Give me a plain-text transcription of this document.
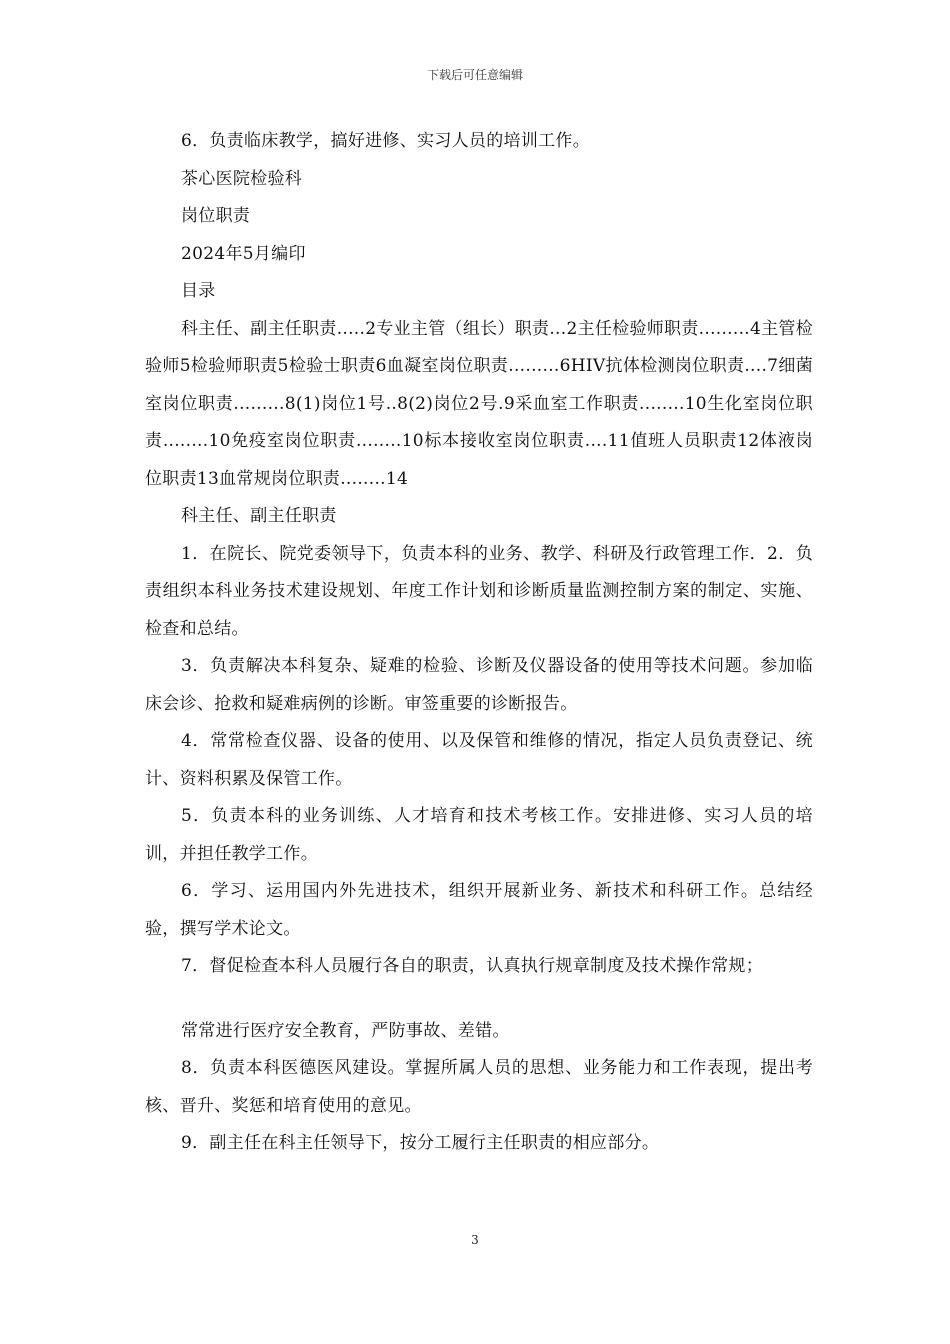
下载后可任意编辑

6．负责临床教学，搞好进修、实习人员的培训工作。

茶心医院检验科

岗位职责

2024年5月编印

目录

科主任、副主任职责.....2专业主管（组长）职责...2主任检验师职责.........4主管检验师5检验师职责5检验士职责6血凝室岗位职责.........6HIV抗体检测岗位职责....7细菌室岗位职责.........8(1)岗位1号..8(2)岗位2号.9采血室工作职责........10生化室岗位职责........10免疫室岗位职责........10标本接收室岗位职责....11值班人员职责12体液岗位职责13血常规岗位职责........14

科主任、副主任职责

1．在院长、院党委领导下，负责本科的业务、教学、科研及行政管理工作．2．负责组织本科业务技术建设规划、年度工作计划和诊断质量监测控制方案的制定、实施、检查和总结。

3．负责解决本科复杂、疑难的检验、诊断及仪器设备的使用等技术问题。参加临床会诊、抢救和疑难病例的诊断。审签重要的诊断报告。

4．常常检查仪器、设备的使用、以及保管和维修的情况，指定人员负责登记、统计、资料积累及保管工作。

5．负责本科的业务训练、人才培育和技术考核工作。安排进修、实习人员的培训，并担任教学工作。

6．学习、运用国内外先进技术，组织开展新业务、新技术和科研工作。总结经验，撰写学术论文。

7．督促检查本科人员履行各自的职责，认真执行规章制度及技术操作常规；

常常进行医疗安全教育，严防事故、差错。

8．负责本科医德医风建设。掌握所属人员的思想、业务能力和工作表现，提出考核、晋升、奖惩和培育使用的意见。

9．副主任在科主任领导下，按分工履行主任职责的相应部分。

3
